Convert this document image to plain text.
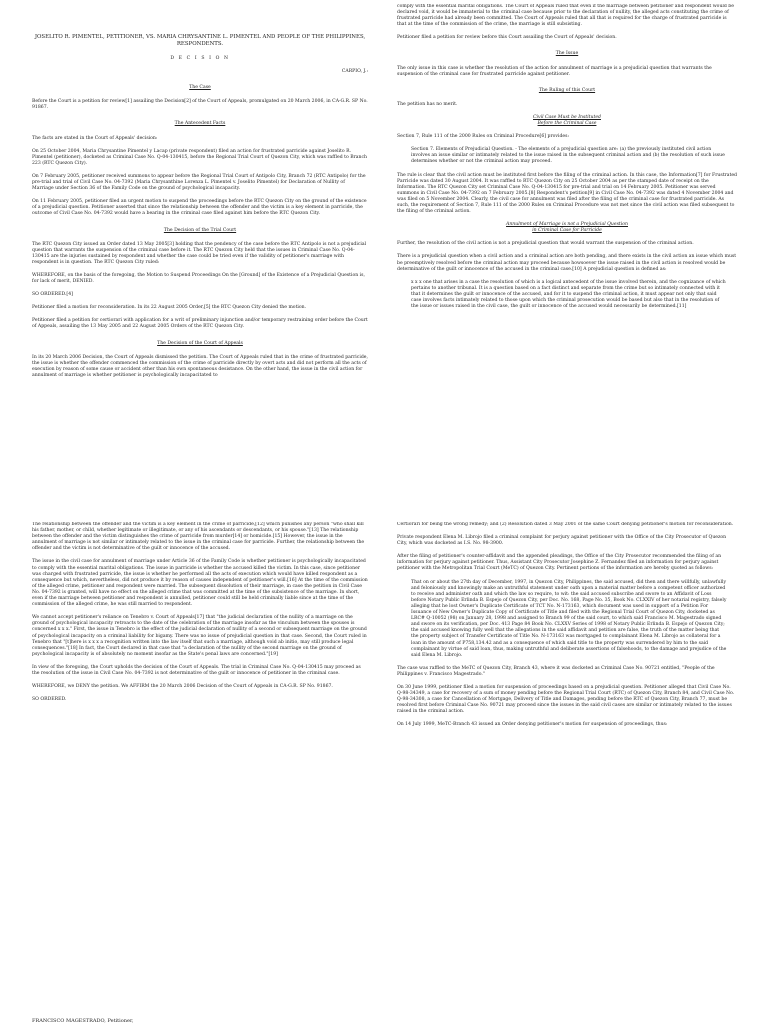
JOSELITO R. PIMENTEL, PETITIONER, VS. MARIA CHRYSANTINE L. PIMENTEL AND PEOPLE OF THE PHILIPPINES, RESPONDENTS.

D E C I S I O N

CARPIO, J.:

The Case

Before the Court is a petition for review[1] assailing the Decision[2] of the Court of Appeals, promulgated on 20 March 2006, in CA-G.R. SP No. 91867.

The Antecedent Facts

The facts are stated in the Court of Appeals' decision:

On 25 October 2004, Maria Chrysantine Pimentel y Lacap (private respondent) filed an action for frustrated parricide against Joselito R. Pimentel (petitioner), docketed as Criminal Case No. Q-04-130415, before the Regional Trial Court of Quezon City, which was raffled to Branch 223 (RTC Quezon City).

On 7 February 2005, petitioner received summons to appear before the Regional Trial Court of Antipolo City, Branch 72 (RTC Antipolo) for the pre-trial and trial of Civil Case No. 04-7392 (Maria Chrysanthine Lorenza L. Pimentel v. Joselito Pimentel) for Declaration of Nullity of Marriage under Section 36 of the Family Code on the ground of psychological incapacity.

On 11 February 2005, petitioner filed an urgent motion to suspend the proceedings before the RTC Quezon City on the ground of the existence of a prejudicial question. Petitioner asserted that since the relationship between the offender and the victim is a key element in parricide, the outcome of Civil Case No. 04-7392 would have a bearing in the criminal case filed against him before the RTC Quezon City.

The Decision of the Trial Court

The RTC Quezon City issued an Order dated 13 May 2005[3] holding that the pendency of the case before the RTC Antipolo is not a prejudicial question that warrants the suspension of the criminal case before it. The RTC Quezon City held that the issues in Criminal Case No. Q-04-130415 are the injuries sustained by respondent and whether the case could be tried even if the validity of petitioner's marriage with respondent is in question. The RTC Quezon City ruled:

WHEREFORE, on the basis of the foregoing, the Motion to Suspend Proceedings On the [Ground] of the Existence of a Prejudicial Question is, for lack of merit, DENIED.

SO ORDERED.[4]

Petitioner filed a motion for reconsideration. In its 22 August 2005 Order,[5] the RTC Quezon City denied the motion.

Petitioner filed a petition for certiorari with application for a writ of preliminary injunction and/or temporary restraining order before the Court of Appeals, assailing the 13 May 2005 and 22 August 2005 Orders of the RTC Quezon City.

The Decision of the Court of Appeals

In its 20 March 2006 Decision, the Court of Appeals dismissed the petition. The Court of Appeals ruled that in the crime of frustrated parricide, the issue is whether the offender commenced the commission of the crime of parricide directly by overt acts and did not perform all the acts of execution by reason of some cause or accident other than his own spontaneous desistance. On the other hand, the issue in the civil action for annulment of marriage is whether petitioner is psychologically incapacitated to

comply with the essential marital obligations. The Court of Appeals ruled that even if the marriage between petitioner and respondent would be declared void, it would be immaterial to the criminal case because prior to the declaration of nullity, the alleged acts constituting the crime of frustrated parricide had already been committed. The Court of Appeals ruled that all that is required for the charge of frustrated parricide is that at the time of the commission of the crime, the marriage is still subsisting.

Petitioner filed a petition for review before this Court assailing the Court of Appeals' decision.

The Issue

The only issue in this case is whether the resolution of the action for annulment of marriage is a prejudicial question that warrants the suspension of the criminal case for frustrated parricide against petitioner.

The Ruling of this Court

The petition has no merit.

Civil Case Must be Instituted

Before the Criminal Case

Section 7, Rule 111 of the 2000 Rules on Criminal Procedure[6] provides:

Section 7. Elements of Prejudicial Question. - The elements of a prejudicial question are: (a) the previously instituted civil action involves an issue similar or intimately related to the issue raised in the subsequent criminal action and (b) the resolution of such issue determines whether or not the criminal action may proceed.

The rule is clear that the civil action must be instituted first before the filing of the criminal action. In this case, the Information[7] for Frustrated Parricide was dated 30 August 2004. It was raffled to RTC Quezon City on 25 October 2004 as per the stamped date of receipt on the Information. The RTC Quezon City set Criminal Case No. Q-04-130415 for pre-trial and trial on 14 February 2005. Petitioner was served summons in Civil Case No. 04-7392 on 7 February 2005.[8] Respondent's petition[9] in Civil Case No. 04-7392 was dated 4 November 2004 and was filed on 5 November 2004. Clearly, the civil case for annulment was filed after the filing of the criminal case for frustrated parricide. As such, the requirement of Section 7, Rule 111 of the 2000 Rules on Criminal Procedure was not met since the civil action was filed subsequent to the filing of the criminal action.

Annulment of Marriage is not a Prejudicial Question

in Criminal Case for Parricide

Further, the resolution of the civil action is not a prejudicial question that would warrant the suspension of the criminal action.

There is a prejudicial question when a civil action and a criminal action are both pending, and there exists in the civil action an issue which must be preemptively resolved before the criminal action may proceed because howsoever the issue raised in the civil action is resolved would be determinative of the guilt or innocence of the accused in the criminal case.[10] A prejudicial question is defined as:

x x x one that arises in a case the resolution of which is a logical antecedent of the issue involved therein, and the cognizance of which pertains to another tribunal. It is a question based on a fact distinct and separate from the crime but so intimately connected with it that it determines the guilt or innocence of the accused, and for it to suspend the criminal action, it must appear not only that said case involves facts intimately related to those upon which the criminal prosecution would be based but also that in the resolution of the issue or issues raised in the civil case, the guilt or innocence of the accused would necessarily be determined.[11]

The relationship between the offender and the victim is a key element in the crime of parricide,[12] which punishes any person "who shall kill his father, mother, or child, whether legitimate or illegitimate, or any of his ascendants or descendants, or his spouse."[13] The relationship between the offender and the victim distinguishes the crime of parricide from murder[14] or homicide.[15] However, the issue in the annulment of marriage is not similar or intimately related to the issue in the criminal case for parricide. Further, the relationship between the offender and the victim is not determinative of the guilt or innocence of the accused.

The issue in the civil case for annulment of marriage under Article 36 of the Family Code is whether petitioner is psychologically incapacitated to comply with the essential marital obligations. The issue in parricide is whether the accused killed the victim. In this case, since petitioner was charged with frustrated parricide, the issue is whether he performed all the acts of execution which would have killed respondent as a consequence but which, nevertheless, did not produce it by reason of causes independent of petitioner's will.[16] At the time of the commission of the alleged crime, petitioner and respondent were married. The subsequent dissolution of their marriage, in case the petition in Civil Case No. 04-7392 is granted, will have no effect on the alleged crime that was committed at the time of the subsistence of the marriage. In short, even if the marriage between petitioner and respondent is annulled, petitioner could still be held criminally liable since at the time of the commission of the alleged crime, he was still married to respondent.

We cannot accept petitioner's reliance on Tenebro v. Court of Appeals[17] that "the judicial declaration of the nullity of a marriage on the ground of psychological incapacity retroacts to the date of the celebration of the marriage insofar as the vinculum between the spouses is concerned x x x." First, the issue in Tenebro is the effect of the judicial declaration of nullity of a second or subsequent marriage on the ground of psychological incapacity on a criminal liability for bigamy. There was no issue of prejudicial question in that case. Second, the Court ruled in Tenebro that "[t]here is x x x a recognition written into the law itself that such a marriage, although void ab initio, may still produce legal consequences."[18] In fact, the Court declared in that case that "a declaration of the nullity of the second marriage on the ground of psychological incapacity is of absolutely no moment insofar as the State's penal laws are concerned."[19]

In view of the foregoing, the Court upholds the decision of the Court of Appeals. The trial in Criminal Case No. Q-04-130415 may proceed as the resolution of the issue in Civil Case No. 04-7392 is not determinative of the guilt or innocence of petitioner in the criminal case.

WHEREFORE, we DENY the petition. We AFFIRM the 20 March 2006 Decision of the Court of Appeals in CA-G.R. SP No. 91867.

SO ORDERED.

FRANCISCO MAGESTRADO, Petitioner,

Certiorari for being the wrong remedy; and (2) Resolution dated 3 May 2001 of the same Court denying petitioner's motion for reconsideration.

Private respondent Elena M. Librojo filed a criminal complaint for perjury against petitioner with the Office of the City Prosecutor of Quezon City, which was docketed as I.S. No. 98-3900.

After the filing of petitioner's counter-affidavit and the appended pleadings, the Office of the City Prosecutor recommended the filing of an information for perjury against petitioner. Thus, Assistant City Prosecutor Josephine Z. Fernandez filed an information for perjury against petitioner with the Metropolitan Trial Court (MeTC) of Quezon City. Pertinent portions of the information are hereby quoted as follows:

That on or about the 27th day of December, 1997, in Quezon City, Philippines, the said accused, did then and there willfully, unlawfully and feloniously and knowingly make an untruthful statement under oath upon a material matter before a competent officer authorized to receive and administer oath and which the law so require, to wit: the said accused subscribe and swore to an Affidavit of Loss before Notary Public Erlinda B. Espejo of Quezon City, per Doc. No. 168, Page No. 35, Book No. CLXXIV of her notarial registry, falsely alleging that he lost Owner's Duplicate Certificate of TCT No. N-173163, which document was used in support of a Petition For Issuance of New Owner's Duplicate Copy of Certificate of Title and filed with the Regional Trial Court of Quezon City, docketed as LRC# Q-10052 (98) on January 28, 1998 and assigned to Branch 99 of the said court, to which said Francisco M. Magestrado signed and swore on its verification, per Doc. 413 Page 84 Book No. CLXXV Series of 1998 of Notary Public Erlinda B. Espejo of Quezon City; the said accused knowing fully well that the allegations in the said affidavit and petition are false, the truth of the matter being that the property subject of Transfer Certificate of Title No. N-173163 was mortgaged to complainant Elena M. Librojo as collateral for a loan in the amount of P758,134.42 and as a consequence of which said title to the property was surrendered by him to the said complainant by virtue of said loan, thus, making untruthful and deliberate assertions of falsehoods, to the damage and prejudice of the said Elena M. Librojo.

The case was raffled to the MeTC of Quezon City, Branch 43, where it was docketed as Criminal Case No. 90721 entitled, "People of the Philippines v. Francisco Magestrado."

On 30 June 1999, petitioner filed a motion for suspension of proceedings based on a prejudicial question. Petitioner alleged that Civil Case No. Q-98-34349, a case for recovery of a sum of money pending before the Regional Trial Court (RTC) of Quezon City, Branch 84, and Civil Case No. Q-98-34308, a case for Cancellation of Mortgage, Delivery of Title and Damages, pending before the RTC of Quezon City, Branch 77, must be resolved first before Criminal Case No. 90721 may proceed since the issues in the said civil cases are similar or intimately related to the issues raised in the criminal action.

On 14 July 1999, MeTC-Branch 43 issued an Order denying petitioner's motion for suspension of proceedings, thus:
